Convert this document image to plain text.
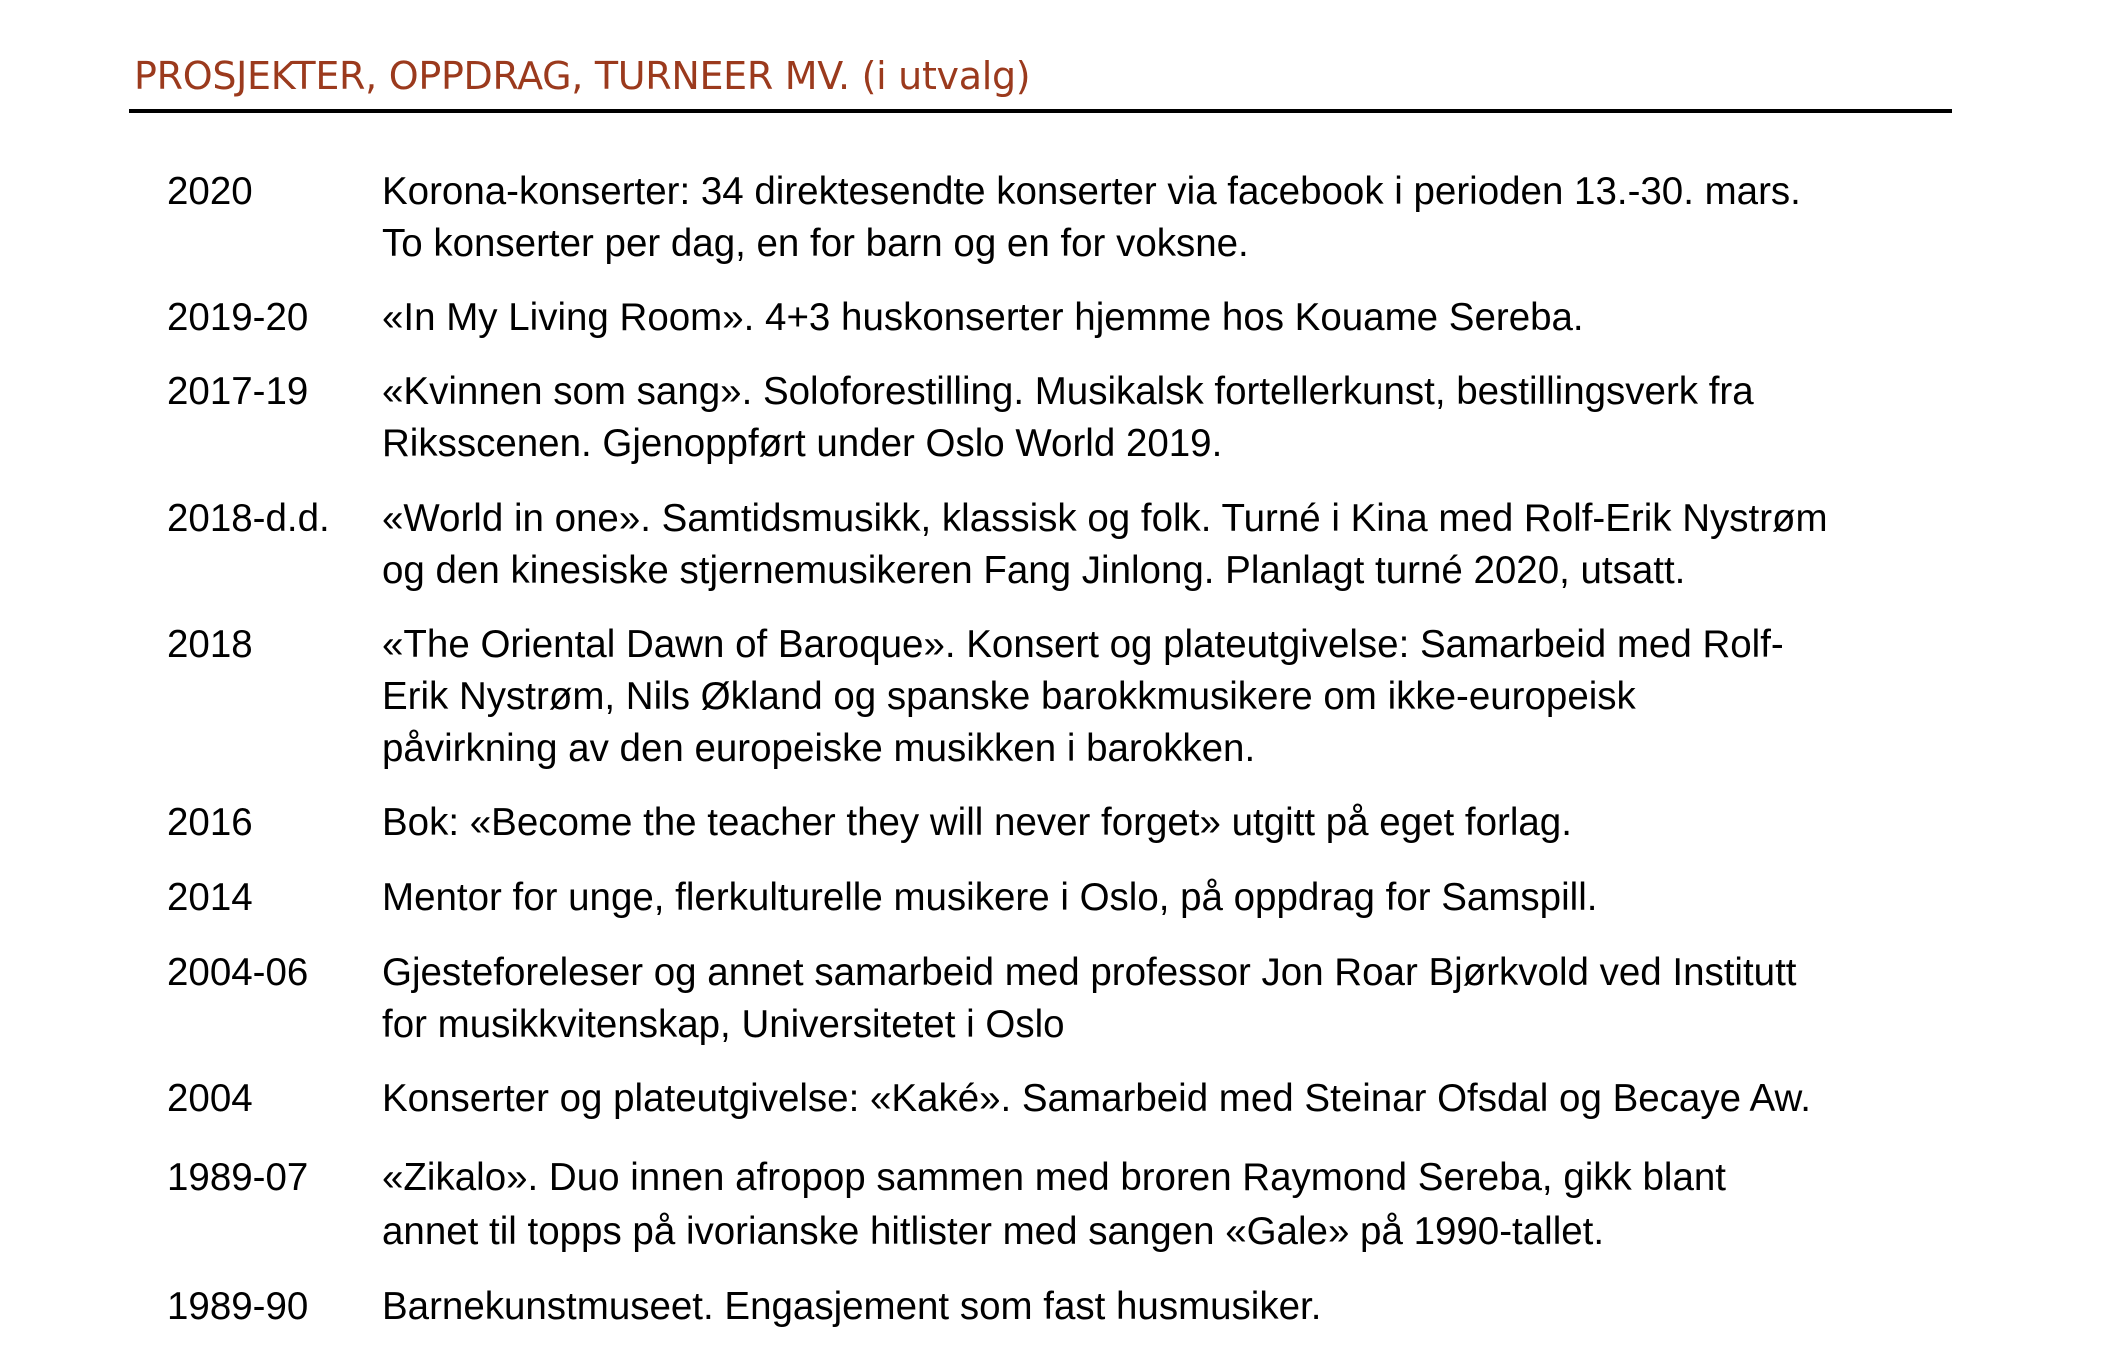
PROSJEKTER, OPPDRAG, TURNEER MV. (i utvalg)
2020	Korona-konserter: 34 direktesendte konserter via facebook i perioden 13.-30. mars.
To konserter per dag, en for barn og en for voksne.
2019-20 «In My Living Room». 4+3 huskonserter hjemme hos Kouame Sereba.
2017-19 «Kvinnen som sang». Soloforestilling. Musikalsk fortellerkunst, bestillingsverk fra
Riksscenen. Gjenoppført under Oslo World 2019.
2018-d.d. «World in one». Samtidsmusikk, klassisk og folk. Turné i Kina med Rolf-Erik Nystrøm
og den kinesiske stjernemusikeren Fang Jinlong. Planlagt turné 2020, utsatt.
2018	«The Oriental Dawn of Baroque». Konsert og plateutgivelse: Samarbeid med Rolf-
Erik Nystrøm, Nils Økland og spanske barokkmusikere om ikke-europeisk
påvirkning av den europeiske musikken i barokken.
2016	Bok: «Become the teacher they will never forget» utgitt på eget forlag.
2014	Mentor for unge, flerkulturelle musikere i Oslo, på oppdrag for Samspill.
2004-06 Gjesteforeleser og annet samarbeid med professor Jon Roar Bjørkvold ved Institutt
for musikkvitenskap, Universitetet i Oslo
2004	Konserter og plateutgivelse: «Kaké». Samarbeid med Steinar Ofsdal og Becaye Aw.
1989-07 «Zikalo». Duo innen afropop sammen med broren Raymond Sereba, gikk blant
annet til topps på ivorianske hitlister med sangen «Gale» på 1990-tallet.
1989-90 Barnekunstmuseet. Engasjement som fast husmusiker.
